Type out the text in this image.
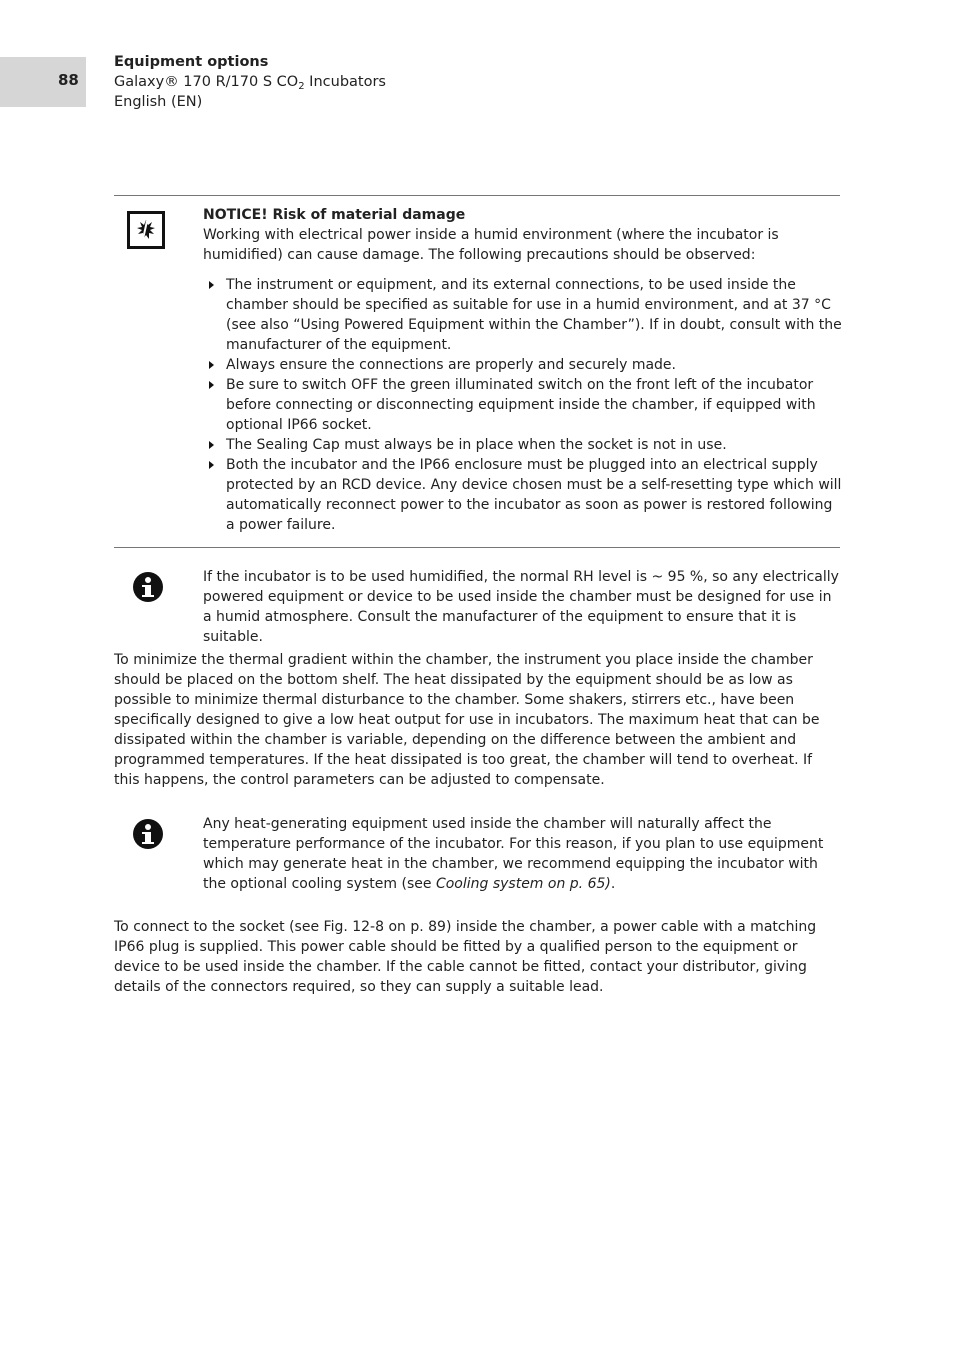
88
Equipment options
Galaxy® 170 R/170 S $CO_2$ Incubators
English (EN)
NOTICE! Risk of material damage
Working with electrical power inside a humid environment (where the incubator is humidified) can cause damage. The following precautions should be observed:
The instrument or equipment, and its external connections, to be used inside the chamber should be specified as suitable for use in a humid environment, and at 37 °C (see also “Using Powered Equipment within the Chamber”). If in doubt, consult with the manufacturer of the equipment.
Always ensure the connections are properly and securely made.
Be sure to switch OFF the green illuminated switch on the front left of the incubator before connecting or disconnecting equipment inside the chamber, if equipped with optional IP66 socket.
The Sealing Cap must always be in place when the socket is not in use.
Both the incubator and the IP66 enclosure must be plugged into an electrical supply protected by an RCD device. Any device chosen must be a self-resetting type which will automatically reconnect power to the incubator as soon as power is restored following a power failure.
If the incubator is to be used humidified, the normal RH level is ~ 95 %, so any electrically powered equipment or device to be used inside the chamber must be designed for use in a humid atmosphere. Consult the manufacturer of the equipment to ensure that it is suitable.
To minimize the thermal gradient within the chamber, the instrument you place inside the chamber should be placed on the bottom shelf. The heat dissipated by the equipment should be as low as possible to minimize thermal disturbance to the chamber. Some shakers, stirrers etc., have been specifically designed to give a low heat output for use in incubators. The maximum heat that can be dissipated within the chamber is variable, depending on the difference between the ambient and programmed temperatures. If the heat dissipated is too great, the chamber will tend to overheat. If this happens, the control parameters can be adjusted to compensate.
Any heat-generating equipment used inside the chamber will naturally affect the temperature performance of the incubator. For this reason, if you plan to use equipment which may generate heat in the chamber, we recommend equipping the incubator with the optional cooling system (see Cooling system on p. 65).
To connect to the socket (see Fig. 12-8 on p. 89) inside the chamber, a power cable with a matching IP66 plug is supplied. This power cable should be fitted by a qualified person to the equipment or device to be used inside the chamber. If the cable cannot be fitted, contact your distributor, giving details of the connectors required, so they can supply a suitable lead.
